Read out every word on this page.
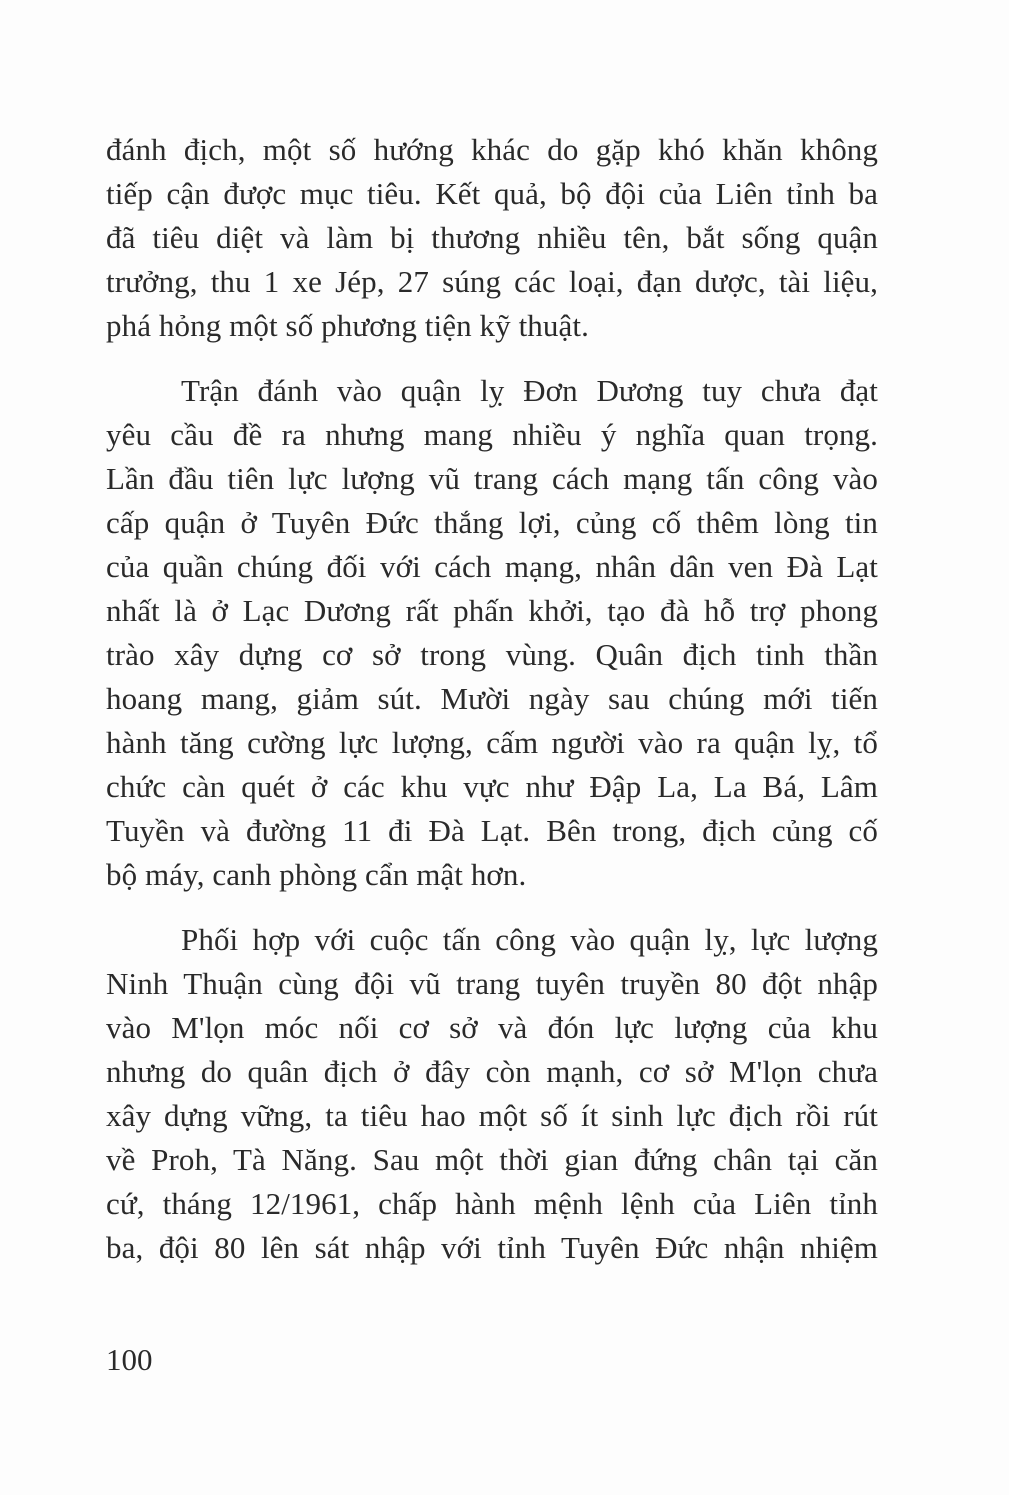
đánh địch, một số hướng khác do gặp khó khăn không
tiếp cận được mục tiêu. Kết quả, bộ đội của Liên tỉnh ba
đã tiêu diệt và làm bị thương nhiều tên, bắt sống quận
trưởng, thu 1 xe Jép, 27 súng các loại, đạn dược, tài liệu,
phá hỏng một số phương tiện kỹ thuật.
Trận đánh vào quận lỵ Đơn Dương tuy chưa đạt
yêu cầu đề ra nhưng mang nhiều ý nghĩa quan trọng.
Lần đầu tiên lực lượng vũ trang cách mạng tấn công vào
cấp quận ở Tuyên Đức thắng lợi, củng cố thêm lòng tin
của quần chúng đối với cách mạng, nhân dân ven Đà Lạt
nhất là ở Lạc Dương rất phấn khởi, tạo đà hỗ trợ phong
trào xây dựng cơ sở trong vùng. Quân địch tinh thần
hoang mang, giảm sút. Mười ngày sau chúng mới tiến
hành tăng cường lực lượng, cấm người vào ra quận lỵ, tổ
chức càn quét ở các khu vực như Đập La, La Bá, Lâm
Tuyền và đường 11 đi Đà Lạt. Bên trong, địch củng cố
bộ máy, canh phòng cẩn mật hơn.
Phối hợp với cuộc tấn công vào quận lỵ, lực lượng
Ninh Thuận cùng đội vũ trang tuyên truyền 80 đột nhập
vào M'lọn móc nối cơ sở và đón lực lượng của khu
nhưng do quân địch ở đây còn mạnh, cơ sở M'lọn chưa
xây dựng vững, ta tiêu hao một số ít sinh lực địch rồi rút
về Proh, Tà Năng. Sau một thời gian đứng chân tại căn
cứ, tháng 12/1961, chấp hành mệnh lệnh của Liên tỉnh
ba, đội 80 lên sát nhập với tỉnh Tuyên Đức nhận nhiệm
100
